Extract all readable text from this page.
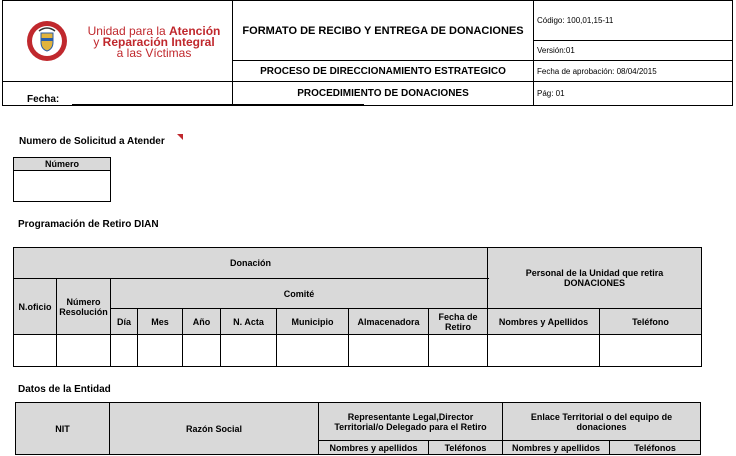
Unidad para la Atención
y Reparación Integral
a las Víctimas	FORMATO DE RECIBO Y ENTREGA DE DONACIONES	Código: 100,01,15-11
		Versión:01
	PROCESO DE DIRECCIONAMIENTO ESTRATEGICO	Fecha de aprobación: 08/04/2015
	PROCEDIMIENTO DE DONACIONES	Pág: 01
Fecha:
Numero de Solicitud a Atender
Número

Programación de Retiro DIAN
Donación									Personal de la Unidad que retira DONACIONES	
N.oficio	Número Resolución	Comité								
		Día	Mes	Año	N. Acta	Municipio	Almacenadora	Fecha de Retiro	Nombres y Apellidos	Teléfono

Datos de la Entidad
NIT	Razón Social	Representante Legal,Director Territorial/o Delegado para el Retiro		Enlace Territorial o del equipo de donaciones	
		Nombres y apellidos	Teléfonos	Nombres y apellidos	Teléfonos
